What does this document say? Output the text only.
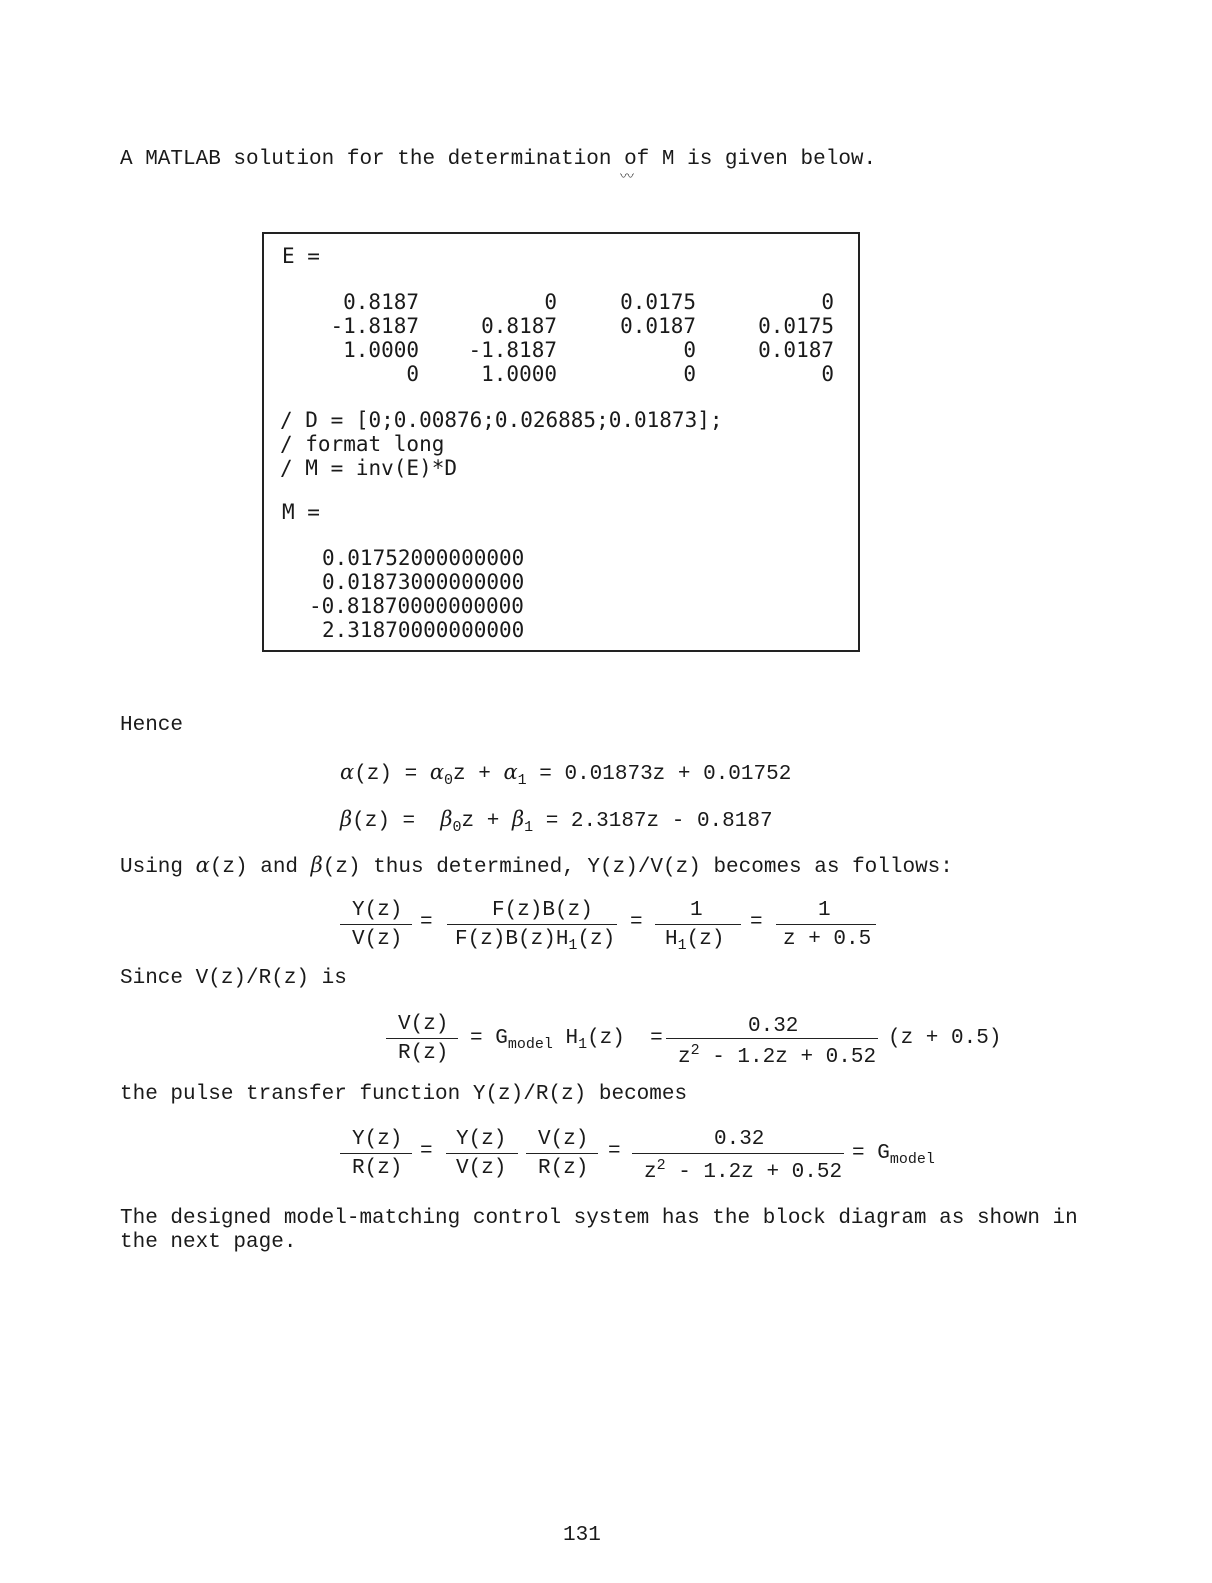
A MATLAB solution for the determination of M is given below.
〰
E =
0.8187	0	0.0175	0
-1.8187	0.8187	0.0187	0.0175
1.0000	-1.8187	0	0.0187
0	1.0000	0	0
∕ D = [0;0.00876;0.026885;0.01873];
∕ format long
∕ M = inv(E)*D
M =
0.01752000000000
0.01873000000000
-0.81870000000000
2.31870000000000
Hence
$\alpha(z) = \alpha_0z + \alpha_1 = 0.01873z + 0.01752$
$\beta(z) = \beta_0z + \beta_1 = 2.3187z - 0.8187$
Using α(z) and β(z) thus determined, Y(z)/V(z) becomes as follows:
Y(z)
V(z)
=
F(z)B(z)
$F(z)B(z)H_1(z)$
=
1
$H_1(z)$
=
1
z + 0.5
Since V(z)/R(z) is
V(z)
R(z)
= $G_{model}$ $H_1(z)$  =
0.32
$z^2 - 1.2z + 0.52$
(z + 0.5)
the pulse transfer function Y(z)/R(z) becomes
Y(z)
R(z)
=
Y(z)
V(z)
V(z)
R(z)
=
0.32
$z^2 - 1.2z + 0.52$
= $G_{model}$
The designed model-matching control system has the block diagram as shown in
the next page.
131
